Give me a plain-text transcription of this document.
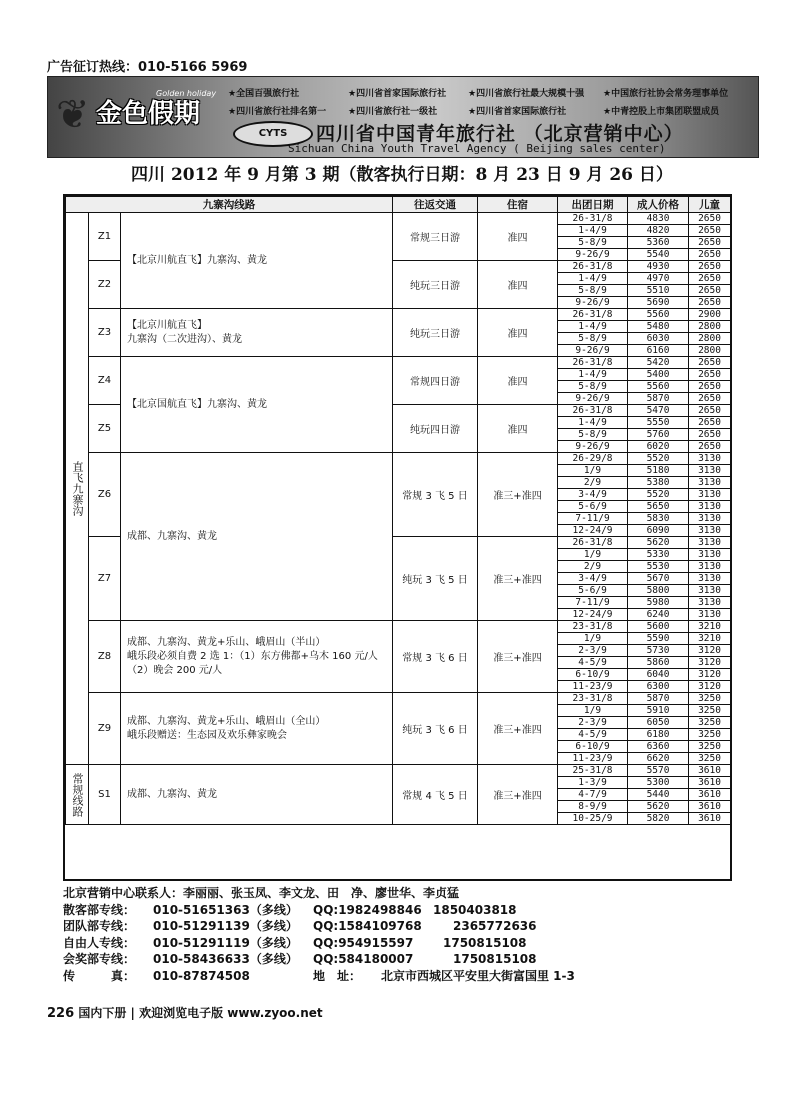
广告征订热线：010-5166 5969
❦ 金色假期
Golden holiday ★全国百强旅行社	★四川省首家国际旅行社 ★四川省旅行社最大规模十强 ★中国旅行社协会常务理事单位
★四川省旅行社排名第一 ★四川省旅行社一级社	★四川省首家国际旅行社	★中青控股上市集团联盟成员
CYTS	四川省中国青年旅行社 （北京营销中心）
Sichuan China Youth Travel Agency ( Beijing sales center)
四川 2012 年 9 月第 3 期（散客执行日期：8 月 23 日 9 月 26 日）
九寨沟线路			往返交通	住宿	出团日期	成人价格	儿童
直飞九寨沟	Z1	【北京川航直飞】九寨沟、黄龙	常规三日游	准四	26-31/8	4830	2650
					1-4/9	4820	2650
					5-8/9	5360	2650
					9-26/9	5540	2650
	Z2		纯玩三日游	准四	26-31/8	4930	2650
					1-4/9	4970	2650
					5-8/9	5510	2650
					9-26/9	5690	2650
	Z3	【北京川航直飞】
九寨沟（二次进沟）、黄龙	纯玩三日游	准四	26-31/8	5560	2900
					1-4/9	5480	2800
					5-8/9	6030	2800
					9-26/9	6160	2800
	Z4	【北京国航直飞】九寨沟、黄龙	常规四日游	准四	26-31/8	5420	2650
					1-4/9	5400	2650
					5-8/9	5560	2650
					9-26/9	5870	2650
	Z5		纯玩四日游	准四	26-31/8	5470	2650
					1-4/9	5550	2650
					5-8/9	5760	2650
					9-26/9	6020	2650
	Z6	成都、九寨沟、黄龙	常规 3 飞 5 日	准三+准四	26-29/8	5520	3130
					1/9	5180	3130
					2/9	5380	3130
					3-4/9	5520	3130
					5-6/9	5650	3130
					7-11/9	5830	3130
					12-24/9	6090	3130
	Z7		纯玩 3 飞 5 日	准三+准四	26-31/8	5620	3130
					1/9	5330	3130
					2/9	5530	3130
					3-4/9	5670	3130
					5-6/9	5800	3130
					7-11/9	5980	3130
					12-24/9	6240	3130
	Z8	成都、九寨沟、黄龙+乐山、峨眉山（半山）
峨乐段必须自费 2 选 1：（1）东方佛都+乌木 160 元/人（2）晚会 200 元/人	常规 3 飞 6 日	准三+准四	23-31/8	5600	3210
					1/9	5590	3210
					2-3/9	5730	3120
					4-5/9	5860	3120
					6-10/9	6040	3120
					11-23/9	6300	3120
	Z9	成都、九寨沟、黄龙+乐山、峨眉山（全山）
峨乐段赠送：生态园及欢乐彝家晚会	纯玩 3 飞 6 日	准三+准四	23-31/8	5870	3250
					1/9	5910	3250
					2-3/9	6050	3250
					4-5/9	6180	3250
					6-10/9	6360	3250
					11-23/9	6620	3250
常规线路	S1	成都、九寨沟、黄龙	常规 4 飞 5 日	准三+准四	25-31/8	5570	3610
					1-3/9	5300	3610
					4-7/9	5440	3610
					8-9/9	5620	3610
					10-25/9	5820	3610
北京营销中心联系人：李丽丽、张玉凤、李文龙、田　净、廖世华、李贞猛
散客部专线： 010-51651363（多线） QQ:1982498846 1850403818
团队部专线： 010-51291139（多线） QQ:1584109768	2365772636
自由人专线： 010-51291119（多线） QQ:954915597 1750815108
会奖部专线： 010-58436633（多线） QQ:584180007	1750815108
传　　　真： 010-87874508	地　址： 北京市西城区平安里大街富国里 1-3
226 国内下册 | 欢迎浏览电子版 www.zyoo.net
